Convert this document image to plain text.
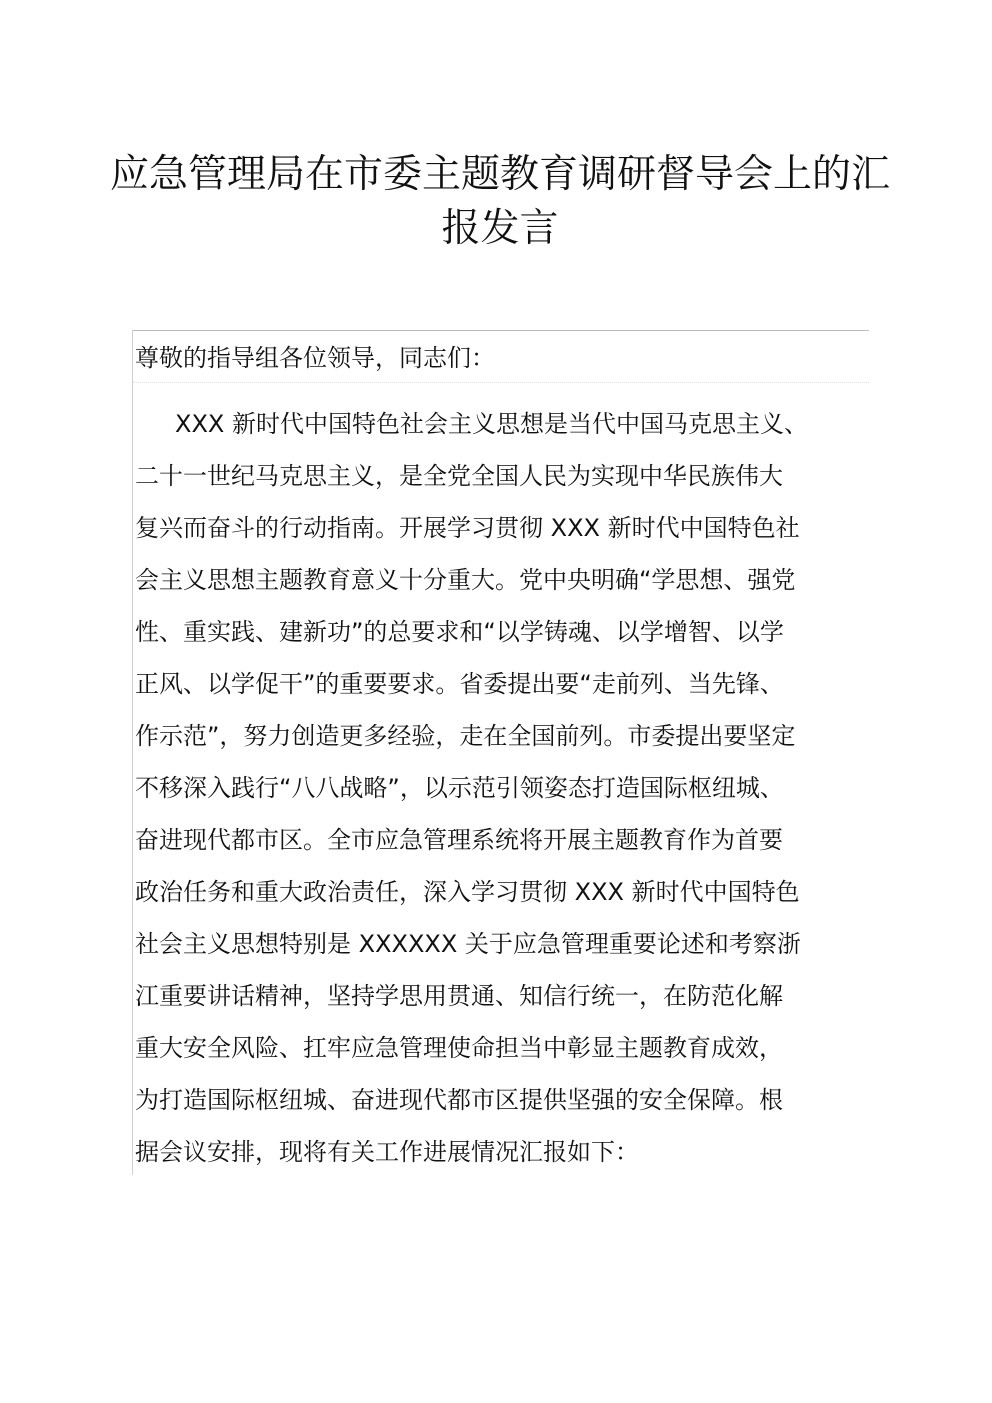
应急管理局在市委主题教育调研督导会上的汇
报发言

尊敬的指导组各位领导，同志们：

XXX 新时代中国特色社会主义思想是当代中国马克思主义、
二十一世纪马克思主义，是全党全国人民为实现中华民族伟大
复兴而奋斗的行动指南。开展学习贯彻 XXX 新时代中国特色社
会主义思想主题教育意义十分重大。党中央明确“学思想、强党
性、重实践、建新功”的总要求和“以学铸魂、以学增智、以学
正风、以学促干”的重要要求。省委提出要“走前列、当先锋、
作示范”，努力创造更多经验，走在全国前列。市委提出要坚定
不移深入践行“八八战略”，以示范引领姿态打造国际枢纽城、
奋进现代都市区。全市应急管理系统将开展主题教育作为首要
政治任务和重大政治责任，深入学习贯彻 XXX 新时代中国特色
社会主义思想特别是 XXXXXX 关于应急管理重要论述和考察浙
江重要讲话精神，坚持学思用贯通、知信行统一，在防范化解
重大安全风险、扛牢应急管理使命担当中彰显主题教育成效，
为打造国际枢纽城、奋进现代都市区提供坚强的安全保障。根
据会议安排，现将有关工作进展情况汇报如下：
